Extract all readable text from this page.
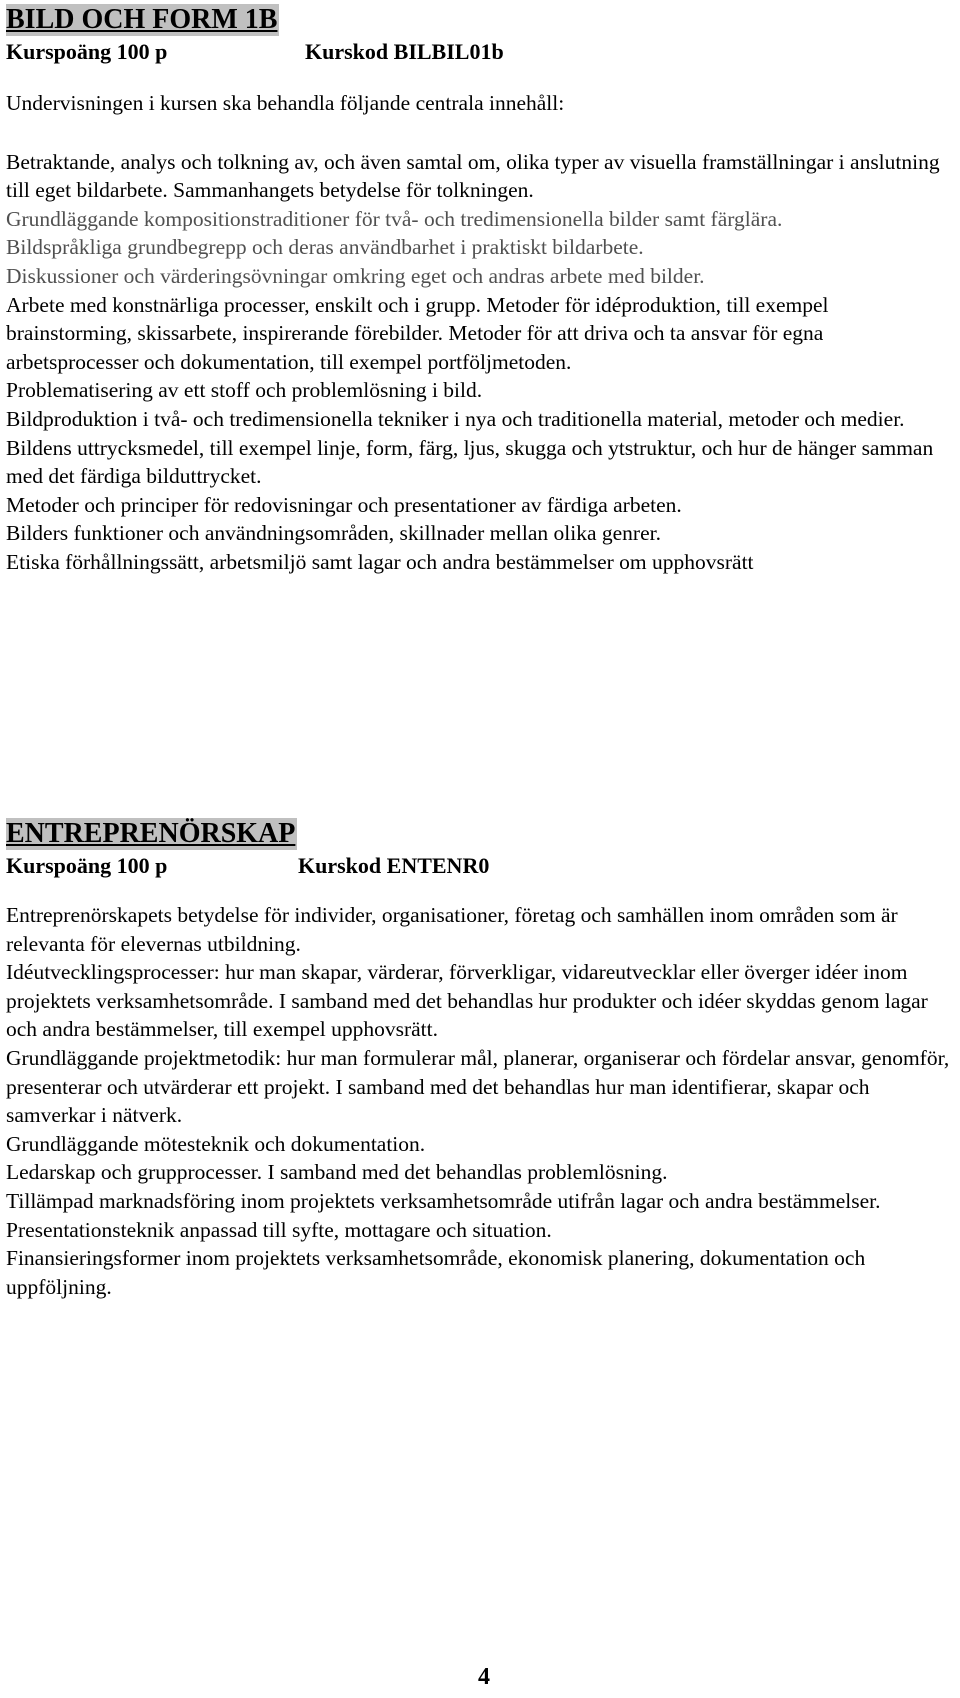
BILD OCH FORM 1B
Kurspoäng 100 p	Kurskod BILBIL01b
Undervisningen i kursen ska behandla följande centrala innehåll:

Betraktande, analys och tolkning av, och även samtal om, olika typer av visuella framställningar i anslutning till eget bildarbete. Sammanhangets betydelse för tolkningen.

Grundläggande kompositionstraditioner för två- och tredimensionella bilder samt färglära.

Bildspråkliga grundbegrepp och deras användbarhet i praktiskt bildarbete.

Diskussioner och värderingsövningar omkring eget och andras arbete med bilder.

Arbete med konstnärliga processer, enskilt och i grupp. Metoder för idéproduktion, till exempel brainstorming, skissarbete, inspirerande förebilder. Metoder för att driva och ta ansvar för egna arbetsprocesser och dokumentation, till exempel portföljmetoden.

Problematisering av ett stoff och problemlösning i bild.

Bildproduktion i två- och tredimensionella tekniker i nya och traditionella material, metoder och medier. Bildens uttrycksmedel, till exempel linje, form, färg, ljus, skugga och ytstruktur, och hur de hänger samman med det färdiga bilduttrycket.

Metoder och principer för redovisningar och presentationer av färdiga arbeten.

Bilders funktioner och användningsområden, skillnader mellan olika genrer.

Etiska förhållningssätt, arbetsmiljö samt lagar och andra bestämmelser om upphovsrätt

ENTREPRENÖRSKAP
Kurspoäng 100 p	Kurskod ENTENR0

Entreprenörskapets betydelse för individer, organisationer, företag och samhällen inom områden som är relevanta för elevernas utbildning.

Idéutvecklingsprocesser: hur man skapar, värderar, förverkligar, vidareutvecklar eller överger idéer inom projektets verksamhetsområde. I samband med det behandlas hur produkter och idéer skyddas genom lagar och andra bestämmelser, till exempel upphovsrätt.

Grundläggande projektmetodik: hur man formulerar mål, planerar, organiserar och fördelar ansvar, genomför, presenterar och utvärderar ett projekt. I samband med det behandlas hur man identifierar, skapar och samverkar i nätverk.

Grundläggande mötesteknik och dokumentation.

Ledarskap och grupprocesser. I samband med det behandlas problemlösning.

Tillämpad marknadsföring inom projektets verksamhetsområde utifrån lagar och andra bestämmelser.

Presentationsteknik anpassad till syfte, mottagare och situation.

Finansieringsformer inom projektets verksamhetsområde, ekonomisk planering, dokumentation och uppföljning.

4
